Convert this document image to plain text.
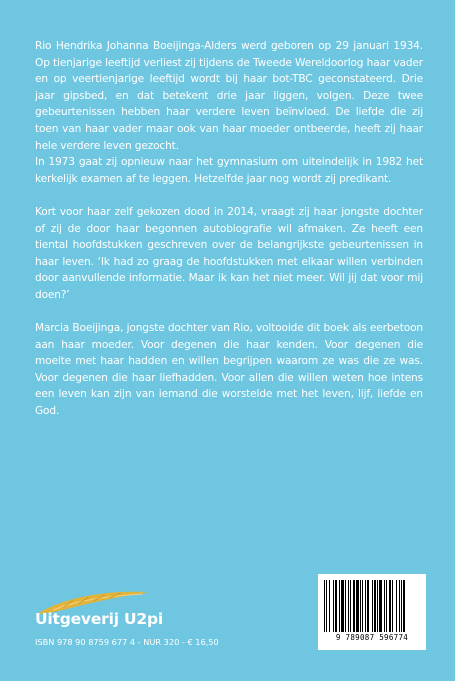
Rio Hendrika Johanna Boeijinga-Alders werd geboren op 29 januari 1934. Op tienjarige leeftijd verliest zij tijdens de Tweede Wereldoorlog haar vader en op veertienjarige leeftijd wordt bij haar bot-TBC geconstateerd. Drie jaar gipsbed, en dat betekent drie jaar liggen, volgen. Deze twee gebeurtenissen hebben haar verdere leven beïnvloed. De liefde die zij toen van haar vader maar ook van haar moeder ontbeerde, heeft zij haar hele verdere leven gezocht.

In 1973 gaat zij opnieuw naar het gymnasium om uiteindelijk in 1982 het kerkelijk examen af te leggen. Hetzelfde jaar nog wordt zij predikant.

Kort voor haar zelf gekozen dood in 2014, vraagt zij haar jongste dochter of zij de door haar begonnen autobiografie wil afmaken. Ze heeft een tiental hoofdstukken geschreven over de belangrijkste gebeurtenissen in haar leven. ‘Ik had zo graag de hoofdstukken met elkaar willen verbinden door aanvullende informatie. Maar ik kan het niet meer. Wil jij dat voor mij doen?’

Marcia Boeijinga, jongste dochter van Rio, voltooide dit boek als eerbetoon aan haar moeder. Voor degenen die haar kenden. Voor degenen die moeite met haar hadden en willen begrijpen waarom ze was die ze was. Voor degenen die haar liefhadden. Voor allen die willen weten hoe intens een leven kan zijn van iemand die worstelde met het leven, lijf, liefde en God.

Uitgeverij U2pi
ISBN 978 90 8759 677 4 - NUR 320 - € 16,50	9 789087 596774
